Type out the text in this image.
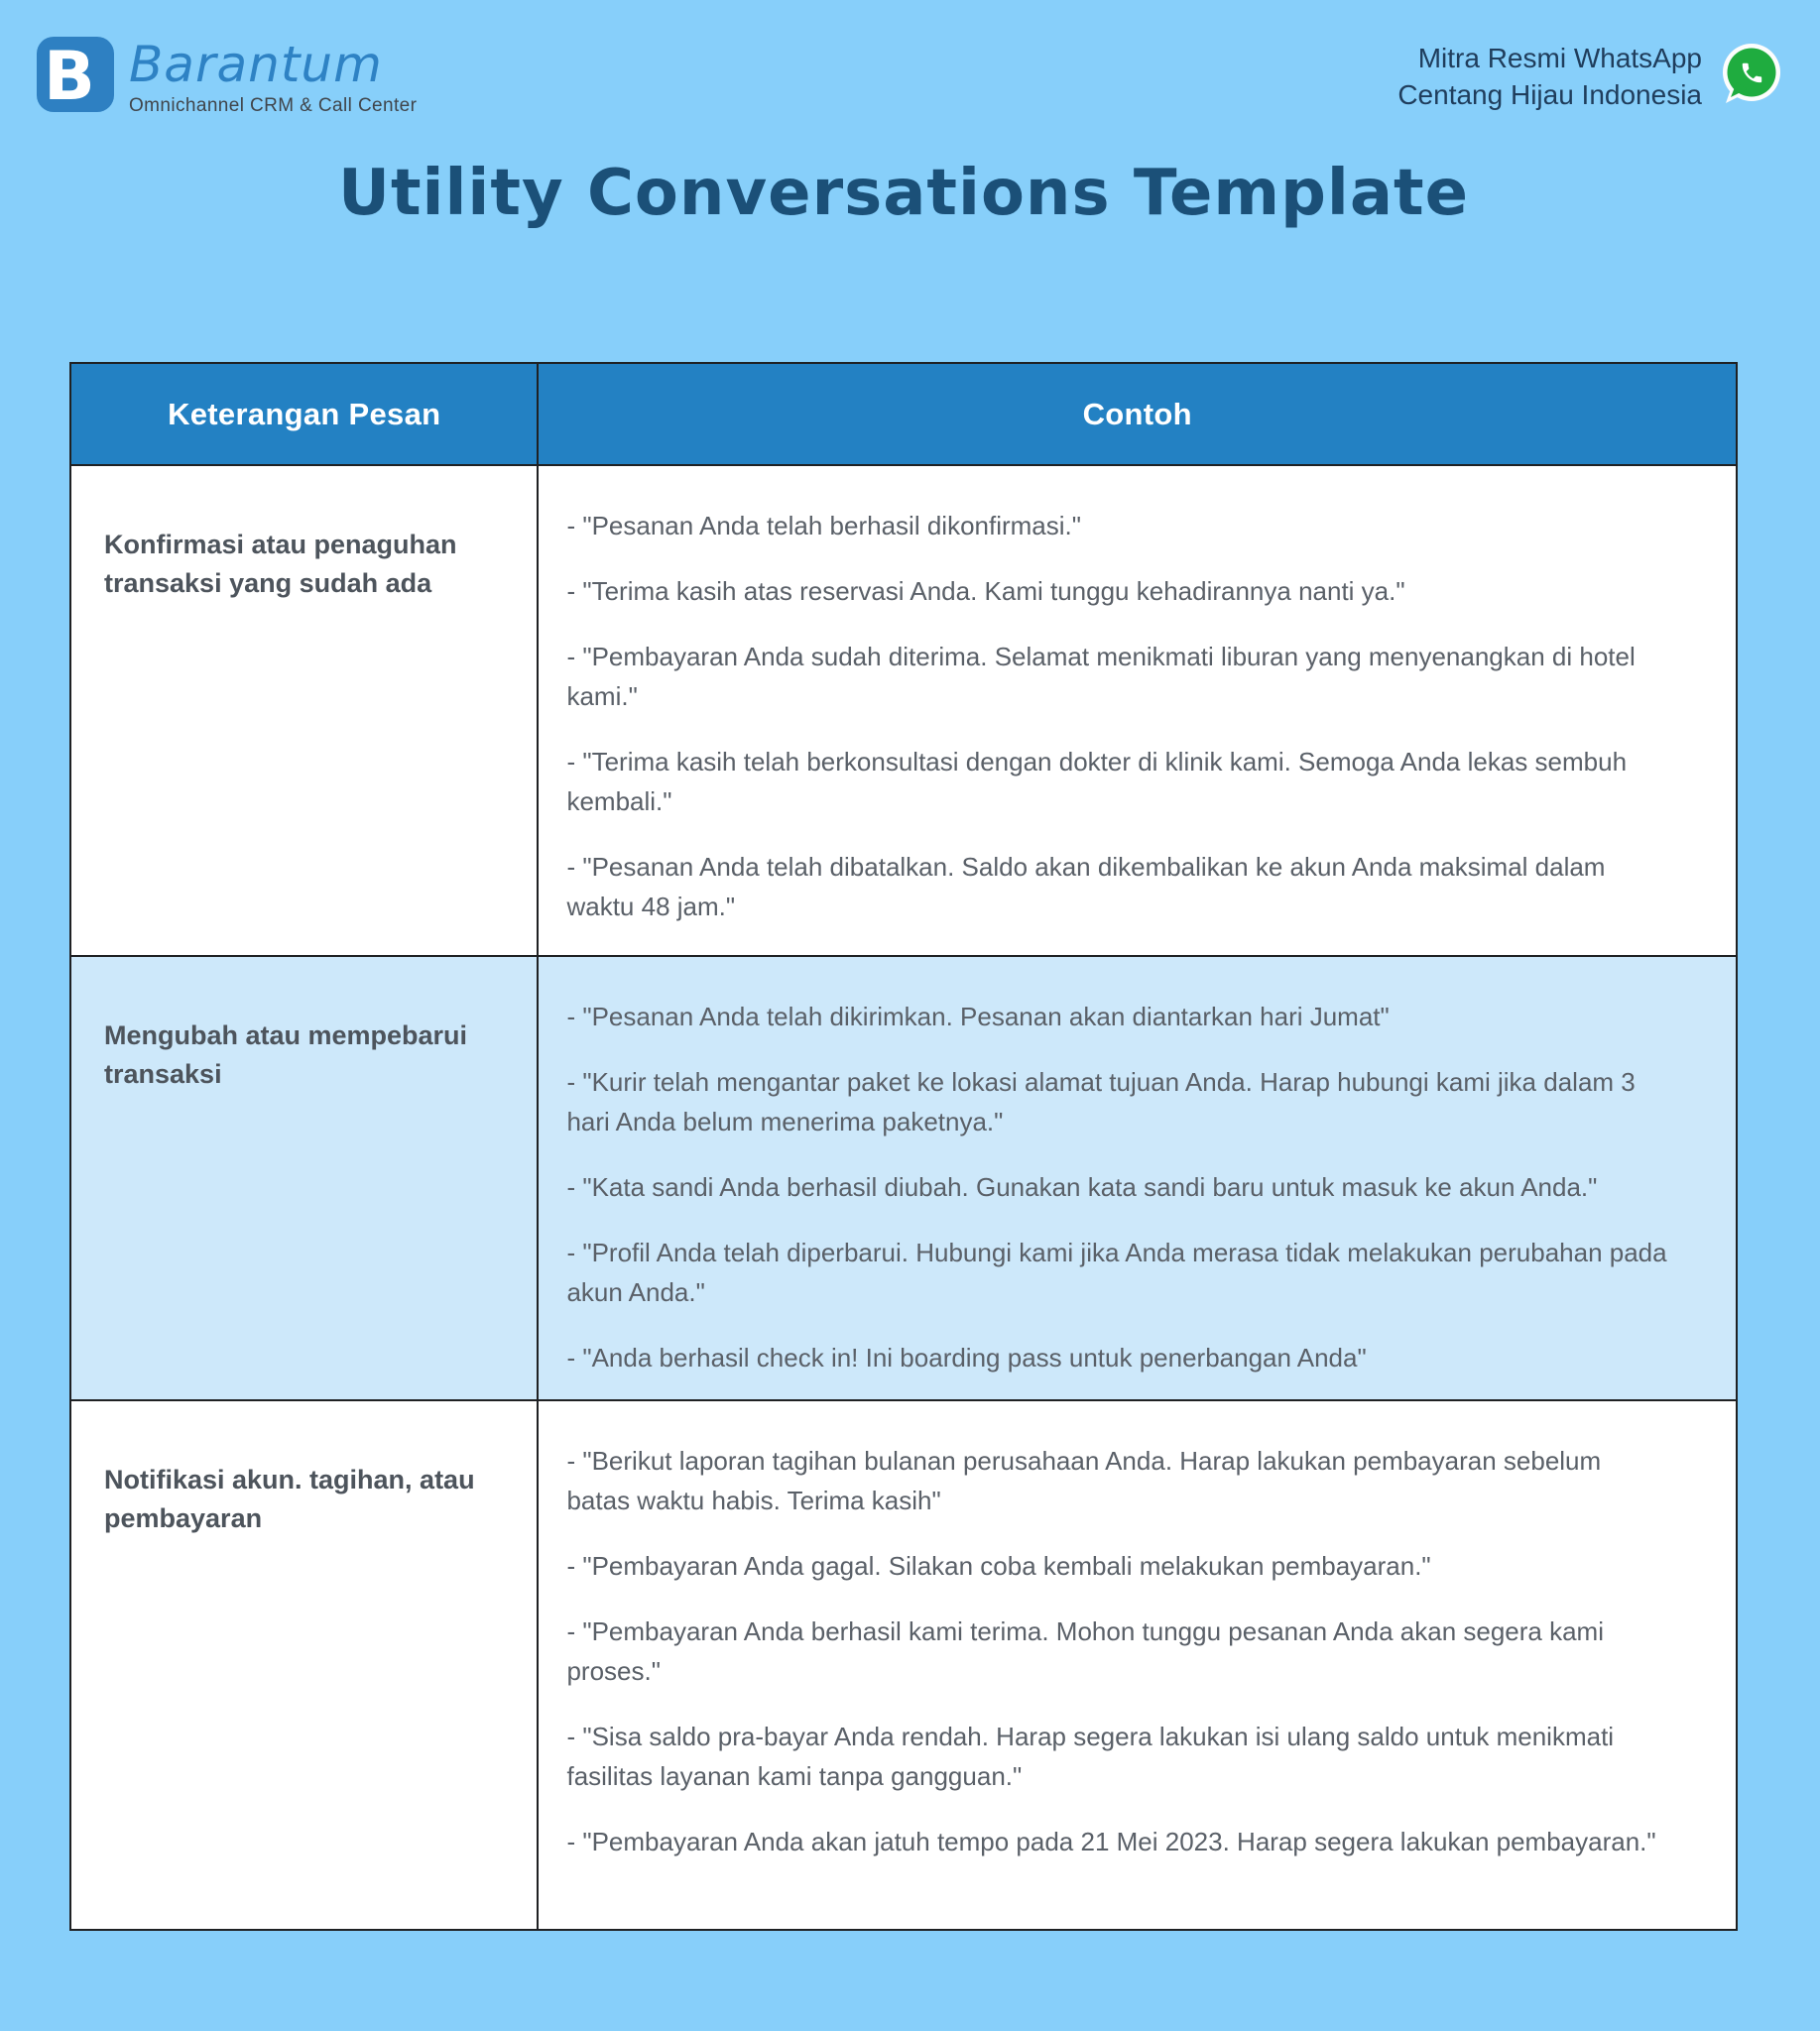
B Barantum
Omnichannel CRM & Call Center
Mitra Resmi WhatsApp
Centang Hijau Indonesia
Utility Conversations Template
Keterangan Pesan	Contoh
Konfirmasi atau penaguhan transaksi yang sudah ada

- "Pesanan Anda telah berhasil dikonfirmasi."

- "Terima kasih atas reservasi Anda. Kami tunggu kehadirannya nanti ya."

- "Pembayaran Anda sudah diterima. Selamat menikmati liburan yang menyenangkan di hotel kami."

- "Terima kasih telah berkonsultasi dengan dokter di klinik kami. Semoga Anda lekas sembuh kembali."

- "Pesanan Anda telah dibatalkan. Saldo akan dikembalikan ke akun Anda maksimal dalam waktu 48 jam."

Mengubah atau mempebarui transaksi

- "Pesanan Anda telah dikirimkan. Pesanan akan diantarkan hari Jumat"

- "Kurir telah mengantar paket ke lokasi alamat tujuan Anda. Harap hubungi kami jika dalam 3 hari Anda belum menerima paketnya."

- "Kata sandi Anda berhasil diubah. Gunakan kata sandi baru untuk masuk ke akun Anda."

- "Profil Anda telah diperbarui. Hubungi kami jika Anda merasa tidak melakukan perubahan pada akun Anda."

- "Anda berhasil check in! Ini boarding pass untuk penerbangan Anda"

Notifikasi akun. tagihan, atau pembayaran

- "Berikut laporan tagihan bulanan perusahaan Anda. Harap lakukan pembayaran sebelum batas waktu habis. Terima kasih"

- "Pembayaran Anda gagal. Silakan coba kembali melakukan pembayaran."

- "Pembayaran Anda berhasil kami terima. Mohon tunggu pesanan Anda akan segera kami proses."

- "Sisa saldo pra-bayar Anda rendah. Harap segera lakukan isi ulang saldo untuk menikmati fasilitas layanan kami tanpa gangguan."

- "Pembayaran Anda akan jatuh tempo pada 21 Mei 2023. Harap segera lakukan pembayaran."
